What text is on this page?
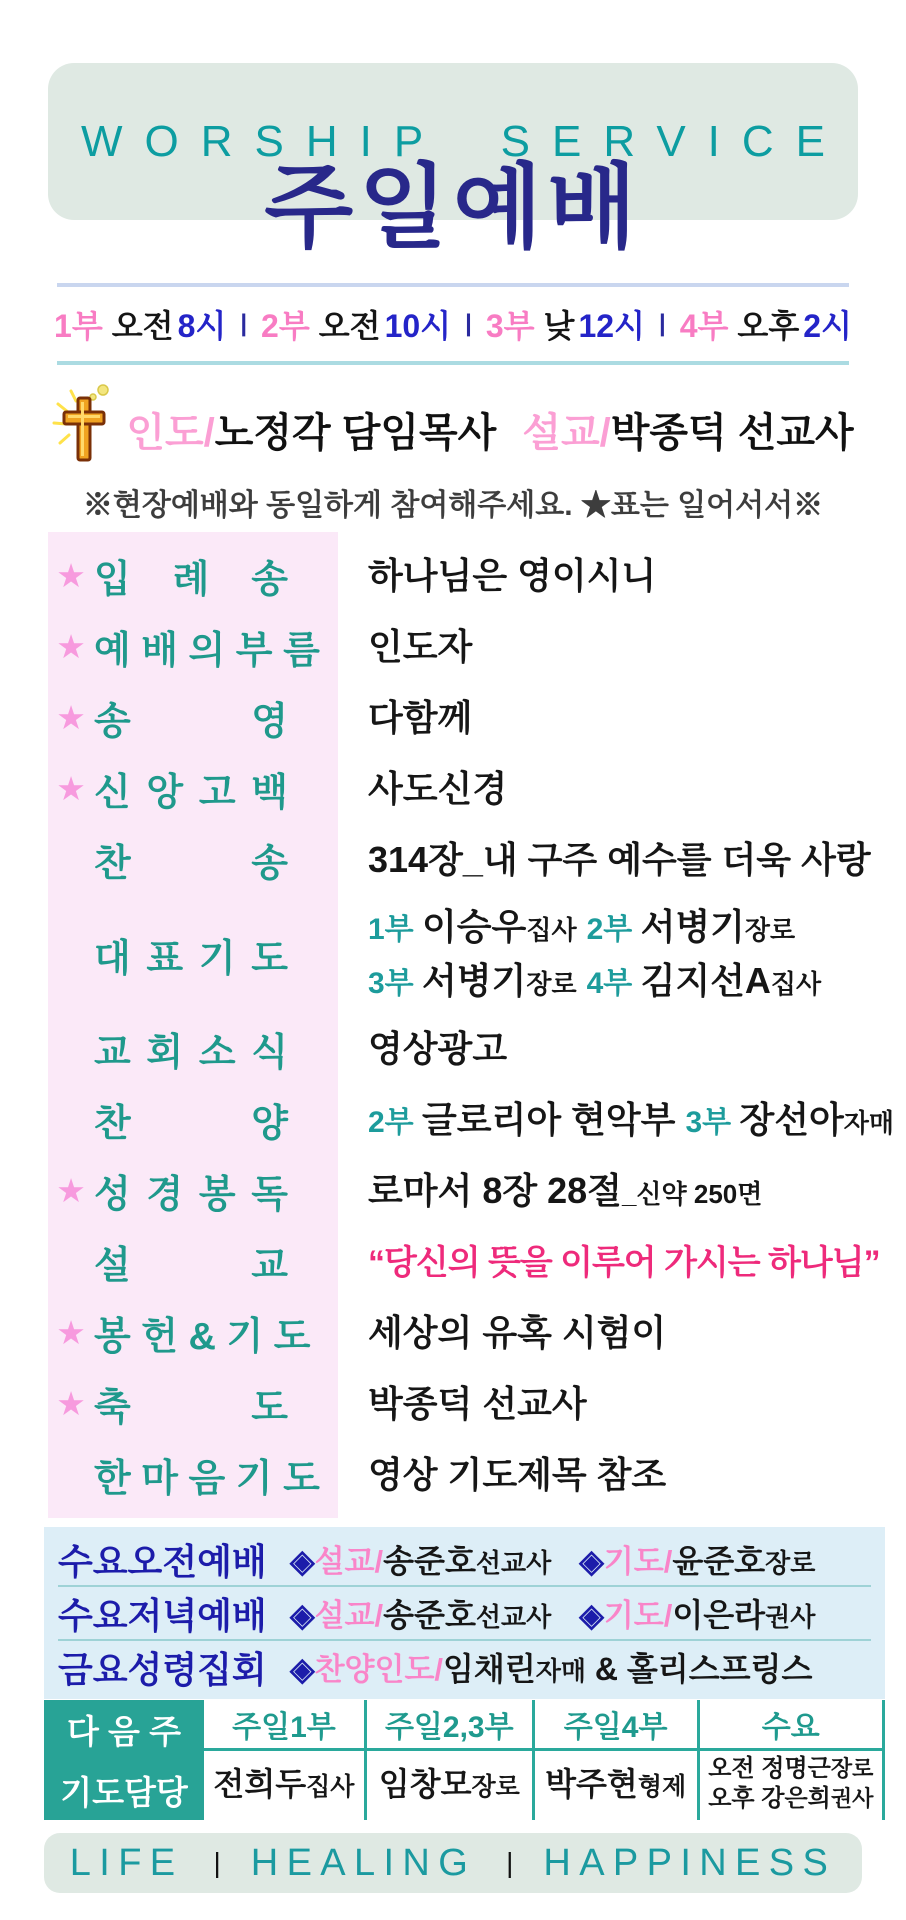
WORSHIP SERVICE
주일예배
1부 오전 8시 | 2부 오전 10시 | 3부 낮 12시 | 4부 오후 2시
인도/ 노정각 담임목사 설교/ 박종덕 선교사
※현장예배와 동일하게 참여해주세요. ★표는 일어서서※
★ 입 례 송 하나님은 영이시니
★ 예 배 의 부 름 인도자
★ 송 영 다함께
★ 신 앙 고 백 사도신경
찬 송 314장_내 구주 예수를 더욱 사랑
대 표 기 도
1부 이승우집사 2부 서병기장로
3부 서병기장로 4부 김지선A집사
교 회 소 식 영상광고
찬 양	2부 글로리아 현악부 3부 장선아자매
★ 성 경 봉 독 로마서 8장 28절_신약 250면
설 교 “당신의 뜻을 이루어 가시는 하나님”
★ 봉 헌 & 기 도 세상의 유혹 시험이
★ 축 도 박종덕 선교사
한 마 음 기 도 영상 기도제목 참조
수요오전예배 ◈설교/송준호선교사 ◈기도/윤준호장로
수요저녁예배 ◈설교/송준호선교사 ◈기도/이은라권사
금요성령집회 ◈찬양인도/임채린자매 & 홀리스프링스
다 음 주
기도담당
주일1부
전희두집사
주일2,3부
임창모장로
주일4부
박주현형제
수요
오전 정명근장로
오후 강은희권사
LIFE | HEALING | HAPPINESS
